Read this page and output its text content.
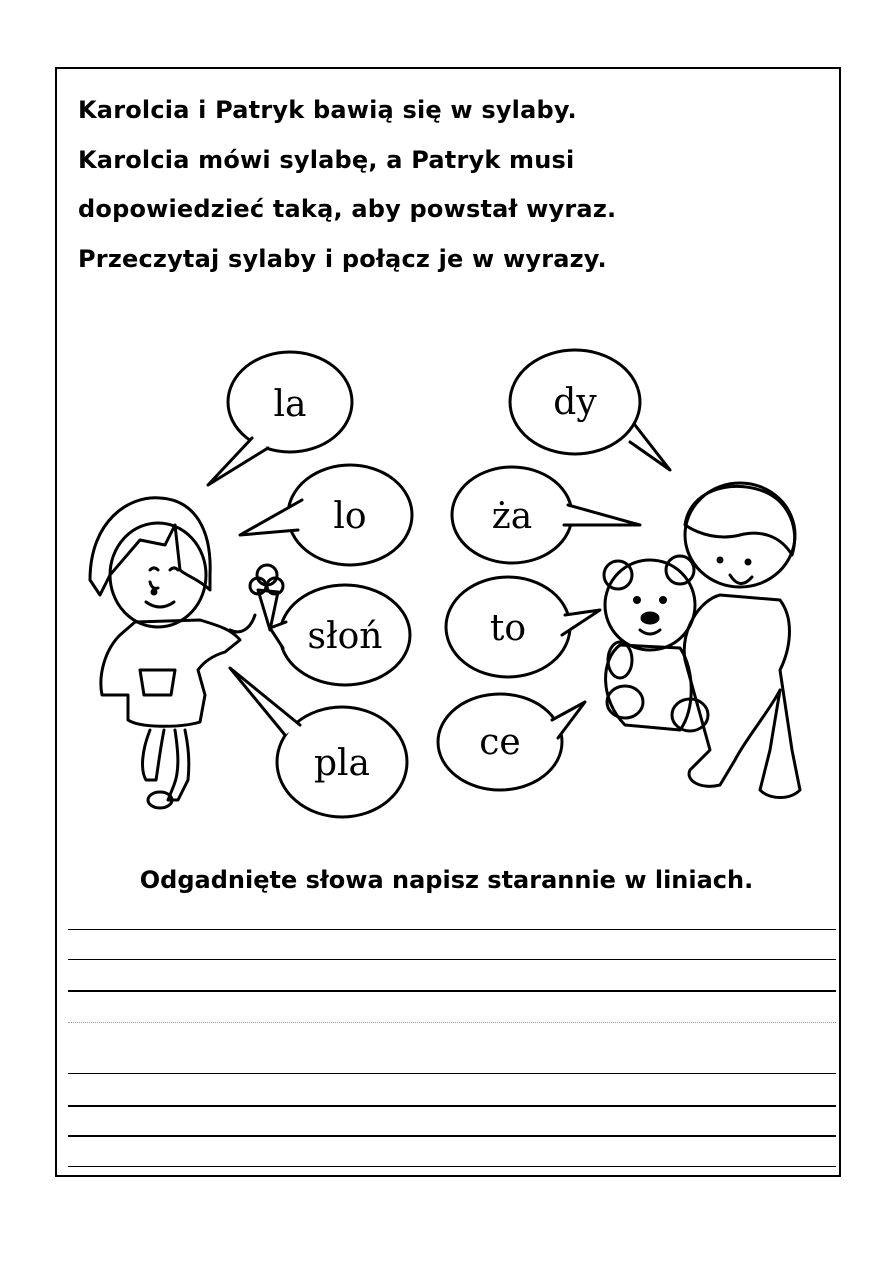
Karolcia i Patryk bawią się w sylaby.
Karolcia mówi sylabę, a Patryk musi
dopowiedzieć taką, aby powstał wyraz.
Przeczytaj sylaby i połącz je w wyrazy.
la
lo
słoń
pla
dy
ża
to
ce
Odgadnięte słowa napisz starannie w liniach.
